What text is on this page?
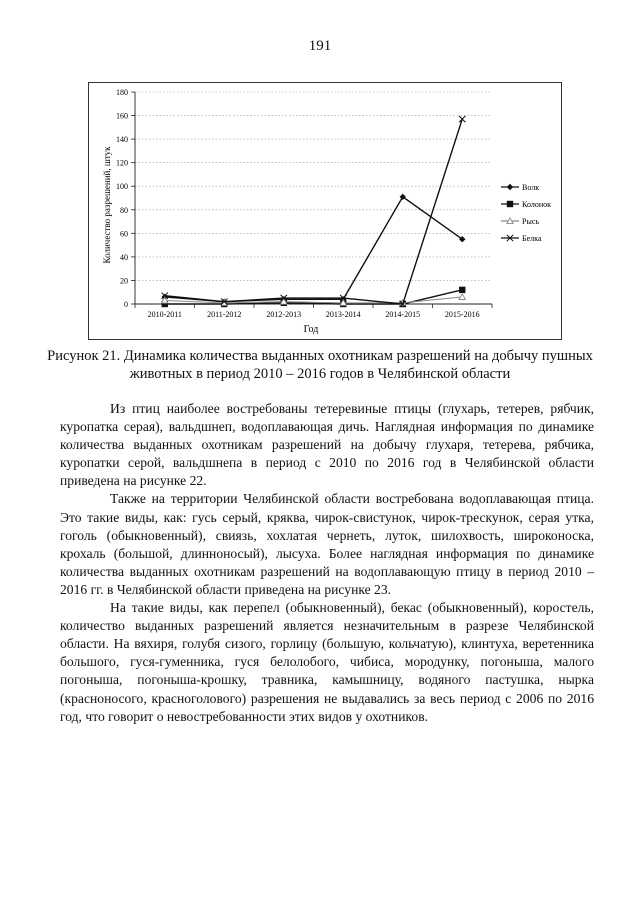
191
0
20
40
60
80
100
120
140
160
180
2010-2011	2011-2012	2012-2013	2013-2014	2014-2015	2015-2016
Волк
Колонок
Рысь
Белка
Количество разрешений, штук
Год
Рисунок 21. Динамика количества выданных охотникам разрешений на добычу пушных животных в период 2010 – 2016 годов в Челябинской области

Из птиц наиболее востребованы тетеревиные птицы (глухарь, тетерев, рябчик, куропатка серая), вальдшнеп, водоплавающая дичь. Наглядная информация по динамике количества выданных охотникам разрешений на добычу глухаря, тетерева, рябчика, куропатки серой, вальдшнепа в период с 2010 по 2016 год в Челябинской области приведена на рисунке 22.

Также на территории Челябинской области востребована водоплавающая птица. Это такие виды, как: гусь серый, кряква, чирок-свистунок, чирок-трескунок, серая утка, гоголь (обыкновенный), свиязь, хохлатая чернеть, луток, шилохвость, широконоска, крохаль (большой, длинноносый), лысуха. Более наглядная информация по динамике количества выданных охотникам разрешений на водоплавающую птицу в период 2010 – 2016 гг. в Челябинской области приведена на рисунке 23.

На такие виды, как перепел (обыкновенный), бекас (обыкновенный), коростель, количество выданных разрешений является незначительным в разрезе Челябинской области. На вяхиря, голубя сизого, горлицу (большую, кольчатую), клинтуха, веретенника большого, гуся-гуменника, гуся белолобого, чибиса, мородунку, погоныша, малого погоныша, погоныша-крошку, травника, камышницу, водяного пастушка, нырка (красноносого, красноголового) разрешения не выдавались за весь период с 2006 по 2016 год, что говорит о невостребованности этих видов у охотников.
